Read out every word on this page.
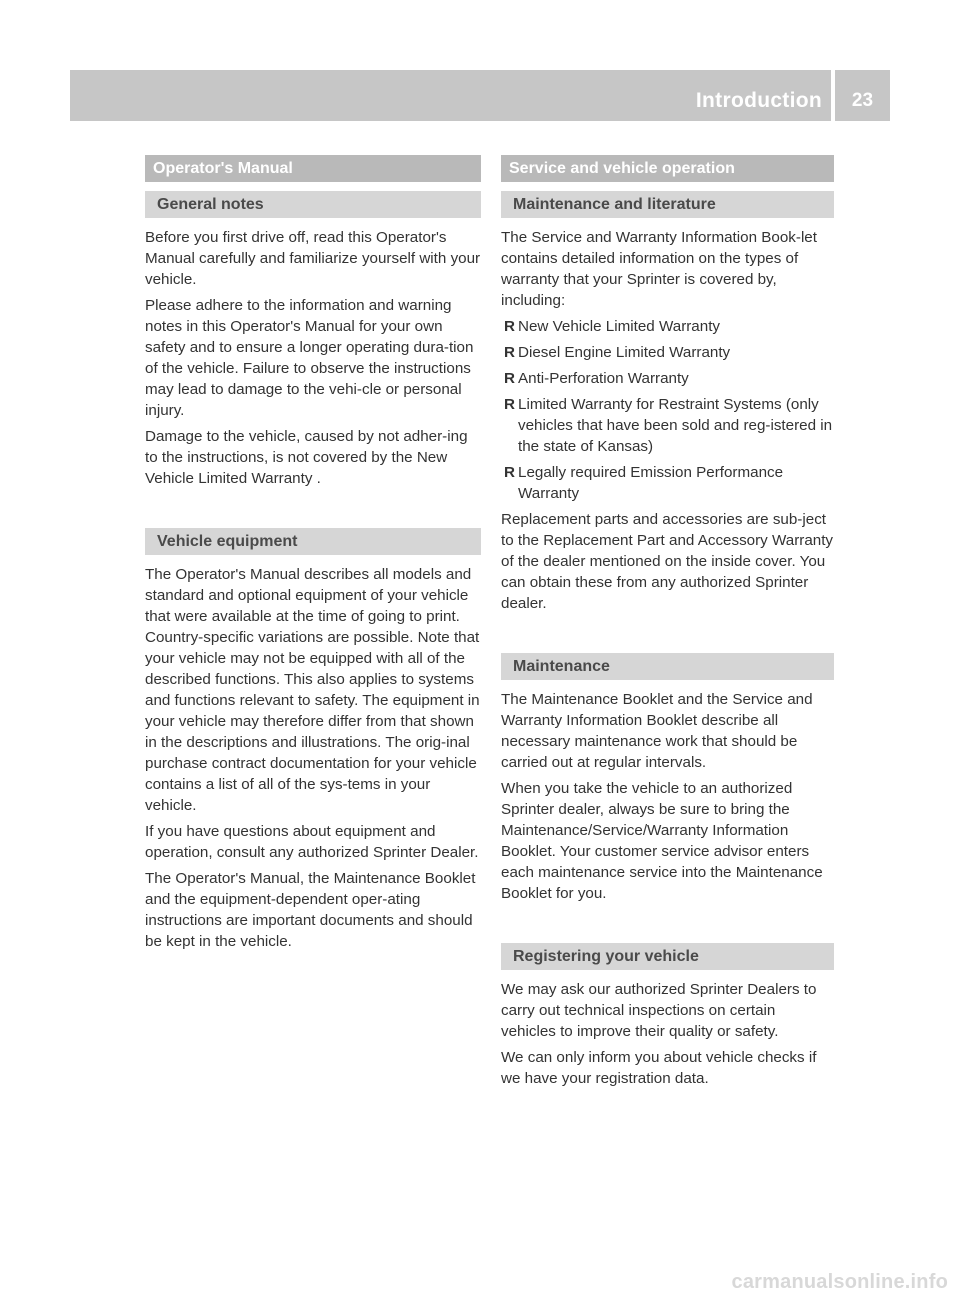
Introduction	23
Operator's Manual
General notes

Before you first drive off, read this Operator's Manual carefully and familiarize yourself with your vehicle.

Please adhere to the information and warning notes in this Operator's Manual for your own safety and to ensure a longer operating dura-tion of the vehicle. Failure to observe the instructions may lead to damage to the vehi-cle or personal injury.

Damage to the vehicle, caused by not adher-ing to the instructions, is not covered by the New Vehicle Limited Warranty .

Vehicle equipment

The Operator's Manual describes all models and standard and optional equipment of your vehicle that were available at the time of going to print. Country-specific variations are possible. Note that your vehicle may not be equipped with all of the described functions. This also applies to systems and functions relevant to safety. The equipment in your vehicle may therefore differ from that shown in the descriptions and illustrations. The orig-inal purchase contract documentation for your vehicle contains a list of all of the sys-tems in your vehicle.

If you have questions about equipment and operation, consult any authorized Sprinter Dealer.

The Operator's Manual, the Maintenance Booklet and the equipment-dependent oper-ating instructions are important documents and should be kept in the vehicle.

Service and vehicle operation
Maintenance and literature

The Service and Warranty Information Book-let contains detailed information on the types of warranty that your Sprinter is covered by, including:

R New Vehicle Limited Warranty
R Diesel Engine Limited Warranty
R Anti-Perforation Warranty
R Limited Warranty for Restraint Systems (only vehicles that have been sold and reg-istered in the state of Kansas)
R Legally required Emission Performance Warranty

Replacement parts and accessories are sub-ject to the Replacement Part and Accessory Warranty of the dealer mentioned on the inside cover. You can obtain these from any authorized Sprinter dealer.

Maintenance

The Maintenance Booklet and the Service and Warranty Information Booklet describe all necessary maintenance work that should be carried out at regular intervals.

When you take the vehicle to an authorized Sprinter dealer, always be sure to bring the Maintenance/Service/Warranty Information Booklet. Your customer service advisor enters each maintenance service into the Maintenance Booklet for you.

Registering your vehicle

We may ask our authorized Sprinter Dealers to carry out technical inspections on certain vehicles to improve their quality or safety.

We can only inform you about vehicle checks if we have your registration data.

carmanualsonline.info
